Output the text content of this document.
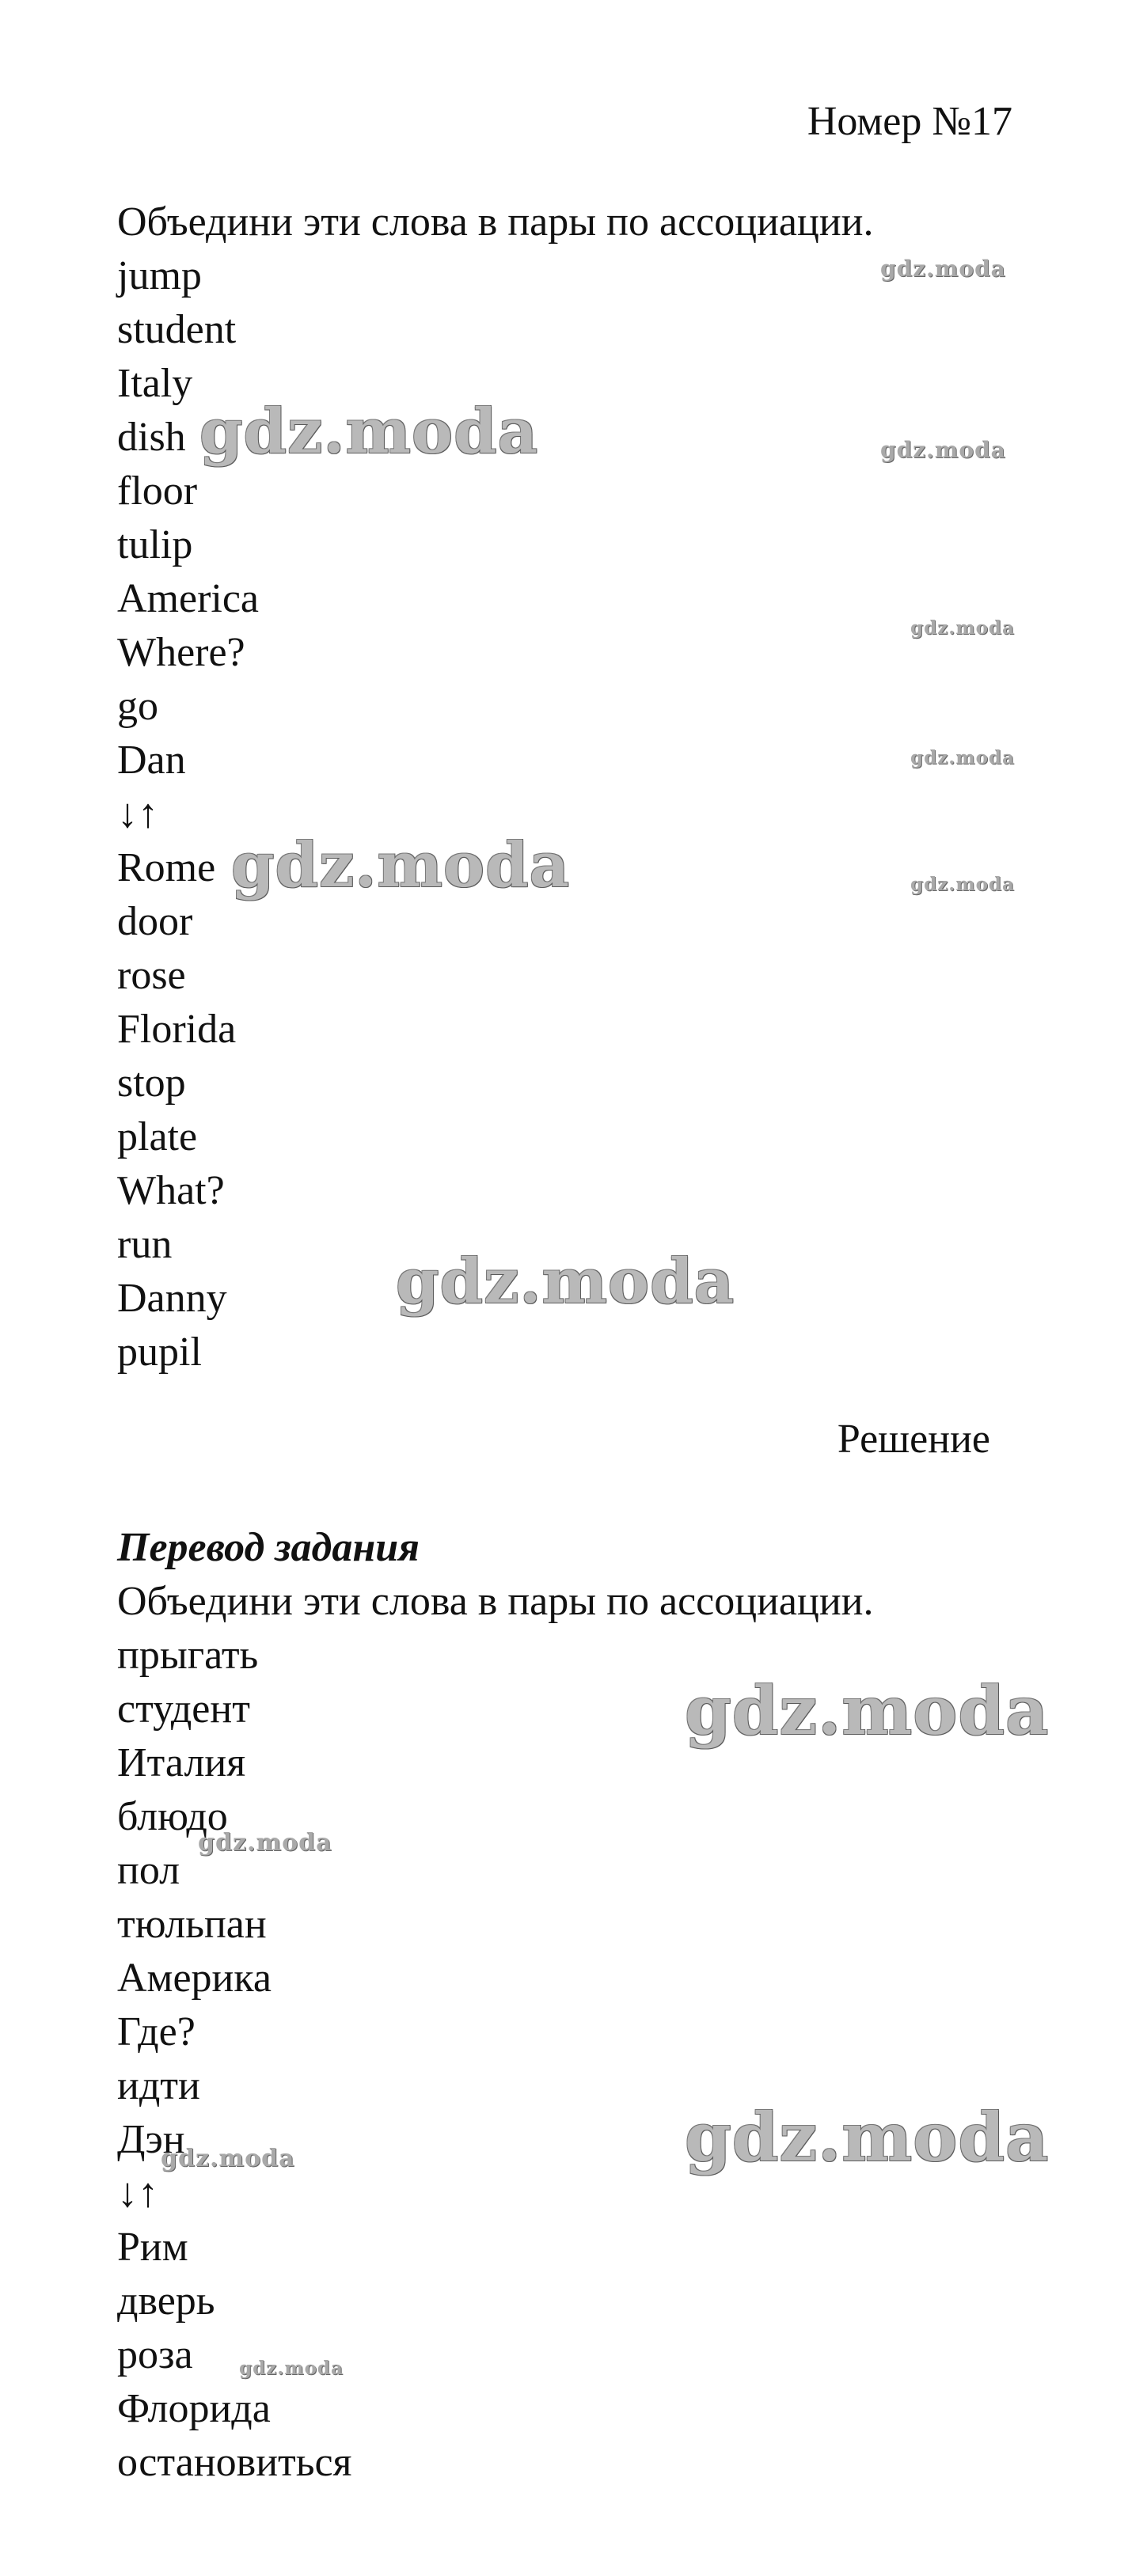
Номер №17
Объедини эти слова в пары по ассоциации.
jump
student
Italy
dish
floor
tulip
America
Where?
go
Dan
↓↑
Rome
door
rose
Florida
stop
plate
What?
run
Danny
pupil
Решение
Перевод задания
Объедини эти слова в пары по ассоциации.
прыгать
студент
Италия
блюдо
пол
тюльпан
Америка
Где?
идти
Дэн
↓↑
Рим
дверь
роза
Флорида
остановиться
gdz.moda
gdz.moda	gdz.moda
gdz.moda
gdz.moda
gdz.moda	gdz.moda
gdz.moda
gdz.moda
gdz.moda
gdz.moda
gdz.moda
gdz.moda
